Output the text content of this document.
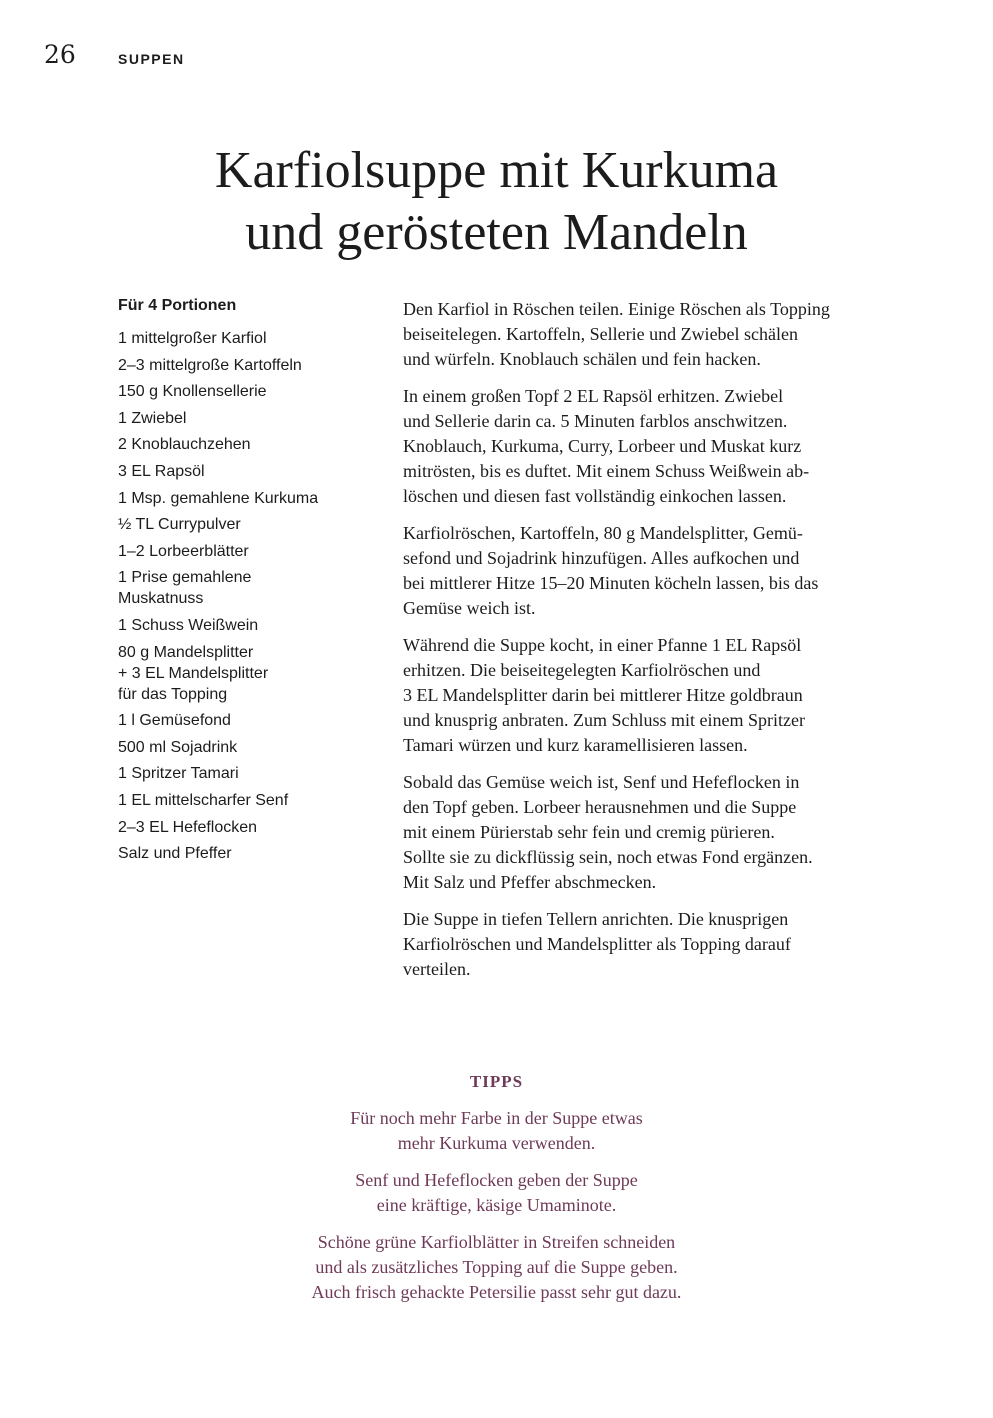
26	SUPPEN
Karfiolsuppe mit Kurkuma
und gerösteten Mandeln
Für 4 Portionen
1 mittelgroßer Karfiol
2–3 mittelgroße Kartoffeln
150 g Knollensellerie
1 Zwiebel
2 Knoblauchzehen
3 EL Rapsöl
1 Msp. gemahlene Kurkuma
½ TL Currypulver
1–2 Lorbeerblätter
1 Prise gemahlene
Muskatnuss
1 Schuss Weißwein
80 g Mandelsplitter
+ 3 EL Mandelsplitter
für das Topping
1 l Gemüsefond
500 ml Sojadrink
1 Spritzer Tamari
1 EL mittelscharfer Senf
2–3 EL Hefeflocken
Salz und Pfeffer

Den Karfiol in Röschen teilen. Einige Röschen als Topping
beiseitelegen. Kartoffeln, Sellerie und Zwiebel schälen
und würfeln. Knoblauch schälen und fein hacken.

In einem großen Topf 2 EL Rapsöl erhitzen. Zwiebel
und Sellerie darin ca. 5 Minuten farblos anschwitzen.
Knoblauch, Kurkuma, Curry, Lorbeer und Muskat kurz
mitrösten, bis es duftet. Mit einem Schuss Weißwein ab-
löschen und diesen fast vollständig einkochen lassen.

Karfiolröschen, Kartoffeln, 80 g Mandelsplitter, Gemü-
sefond und Sojadrink hinzufügen. Alles aufkochen und
bei mittlerer Hitze 15–20 Minuten köcheln lassen, bis das
Gemüse weich ist.

Während die Suppe kocht, in einer Pfanne 1 EL Rapsöl
erhitzen. Die beiseitegelegten Karfiolröschen und
3 EL Mandelsplitter darin bei mittlerer Hitze goldbraun
und knusprig anbraten. Zum Schluss mit einem Spritzer
Tamari würzen und kurz karamellisieren lassen.

Sobald das Gemüse weich ist, Senf und Hefeflocken in
den Topf geben. Lorbeer herausnehmen und die Suppe
mit einem Pürierstab sehr fein und cremig pürieren.
Sollte sie zu dickflüssig sein, noch etwas Fond ergänzen.
Mit Salz und Pfeffer abschmecken.

Die Suppe in tiefen Tellern anrichten. Die knusprigen
Karfiolröschen und Mandelsplitter als Topping darauf
verteilen.

TIPPS

Für noch mehr Farbe in der Suppe etwas
mehr Kurkuma verwenden.

Senf und Hefeflocken geben der Suppe
eine kräftige, käsige Umaminote.

Schöne grüne Karfiolblätter in Streifen schneiden
und als zusätzliches Topping auf die Suppe geben.
Auch frisch gehackte Petersilie passt sehr gut dazu.
